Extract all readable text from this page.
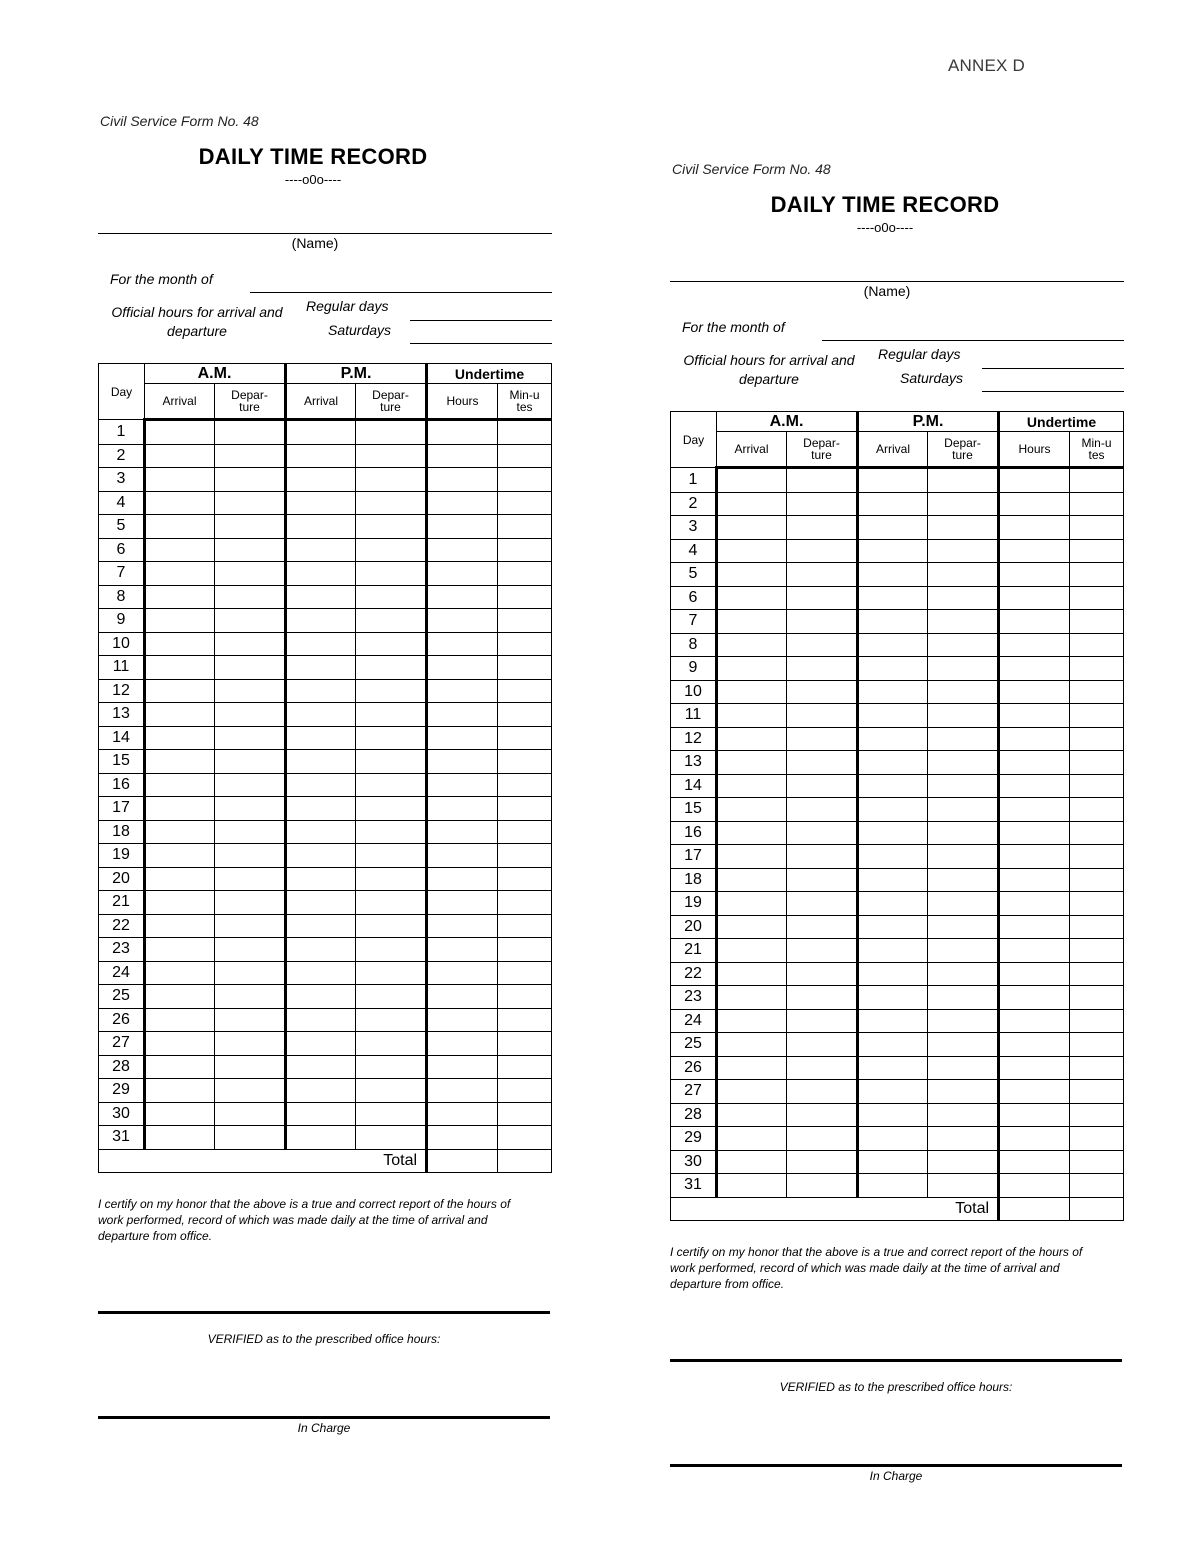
ANNEX D
Civil Service Form No. 48
DAILY TIME RECORD
----o0o----
(Name)
For the month of
Official hours for arrival and departure
Regular days
Saturdays
Day	A.M.		P.M.		Undertime	
	Arrival	Depar-ture	Arrival	Depar-ture	Hours	Min-utes
1						
2						
3						
4						
5						
6						
7						
8						
9						
10						
11						
12						
13						
14						
15						
16						
17						
18						
19						
20						
21						
22						
23						
24						
25						
26						
27						
28						
29						
30						
31						
Total						
I certify on my honor that the above is a true and correct report of the hours of work performed, record of which was made daily at the time of arrival and departure from office.
VERIFIED as to the prescribed office hours:
In Charge
Civil Service Form No. 48
DAILY TIME RECORD
----o0o----
(Name)
For the month of
Official hours for arrival and departure
Regular days
Saturdays
Day	A.M.		P.M.		Undertime	
	Arrival	Depar-ture	Arrival	Depar-ture	Hours	Min-utes
1						
2						
3						
4						
5						
6						
7						
8						
9						
10						
11						
12						
13						
14						
15						
16						
17						
18						
19						
20						
21						
22						
23						
24						
25						
26						
27						
28						
29						
30						
31						
Total						
I certify on my honor that the above is a true and correct report of the hours of work performed, record of which was made daily at the time of arrival and departure from office.
VERIFIED as to the prescribed office hours:
In Charge
